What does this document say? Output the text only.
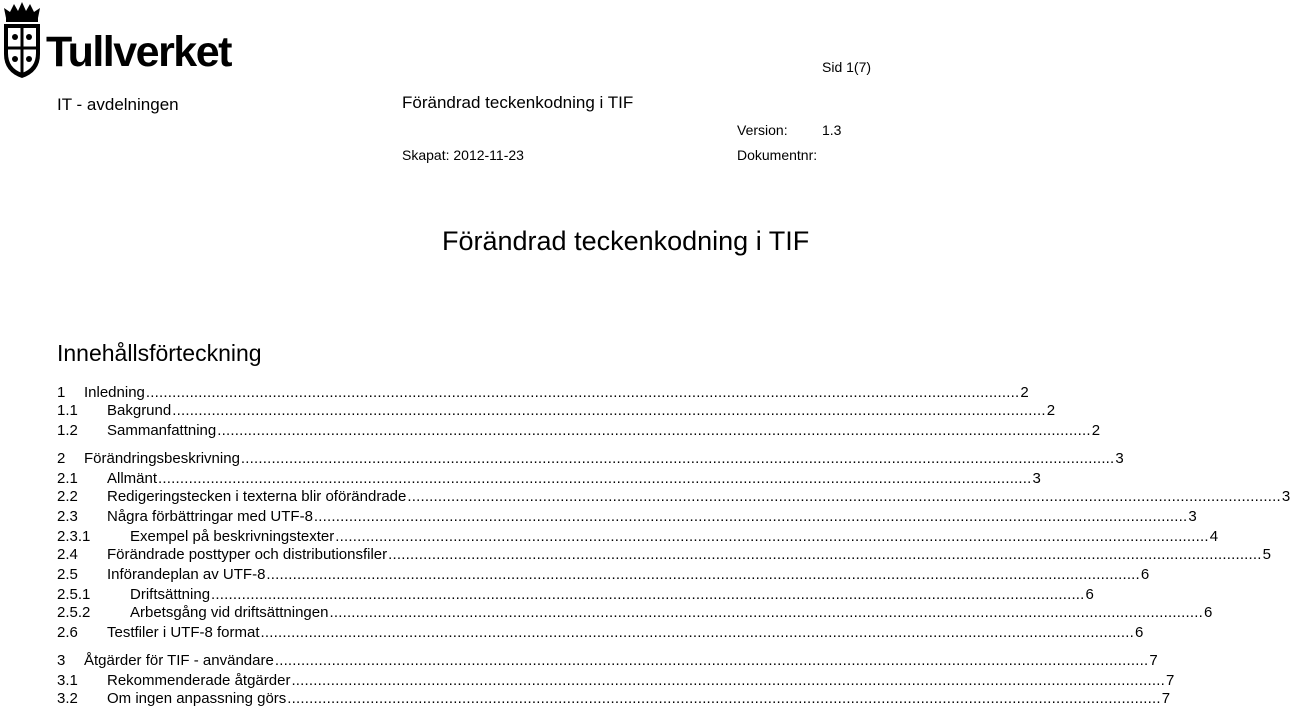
Tullverket	Sid 1(7)
IT - avdelningen	Förändrad teckenkodning i TIF
Version: 1.3
Skapat: 2012-11-23	Dokumentnr:
Förändrad teckenkodning i TIF
Innehållsförteckning
1 Inledning ........................................................................................................................................................................................................ 2
1.1 Bakgrund ........................................................................................................................................................................................................ 2
1.2 Sammanfattning ........................................................................................................................................................................................................ 2
2 Förändringsbeskrivning ........................................................................................................................................................................................................ 3
2.1 Allmänt ........................................................................................................................................................................................................ 3
2.2 Redigeringstecken i texterna blir oförändrade ........................................................................................................................................................................................................ 3
2.3 Några förbättringar med UTF-8 ........................................................................................................................................................................................................ 3
2.3.1	Exempel på beskrivningstexter ........................................................................................................................................................................................................ 4
2.4 Förändrade posttyper och distributionsfiler ........................................................................................................................................................................................................ 5
2.5 Införandeplan av UTF-8 ........................................................................................................................................................................................................ 6
2.5.1	Driftsättning ........................................................................................................................................................................................................ 6
2.5.2	Arbetsgång vid driftsättningen ........................................................................................................................................................................................................ 6
2.6 Testfiler i UTF-8 format ........................................................................................................................................................................................................ 6
3 Åtgärder för TIF - användare ........................................................................................................................................................................................................ 7
3.1 Rekommenderade åtgärder ........................................................................................................................................................................................................ 7
3.2 Om ingen anpassning görs ........................................................................................................................................................................................................ 7
